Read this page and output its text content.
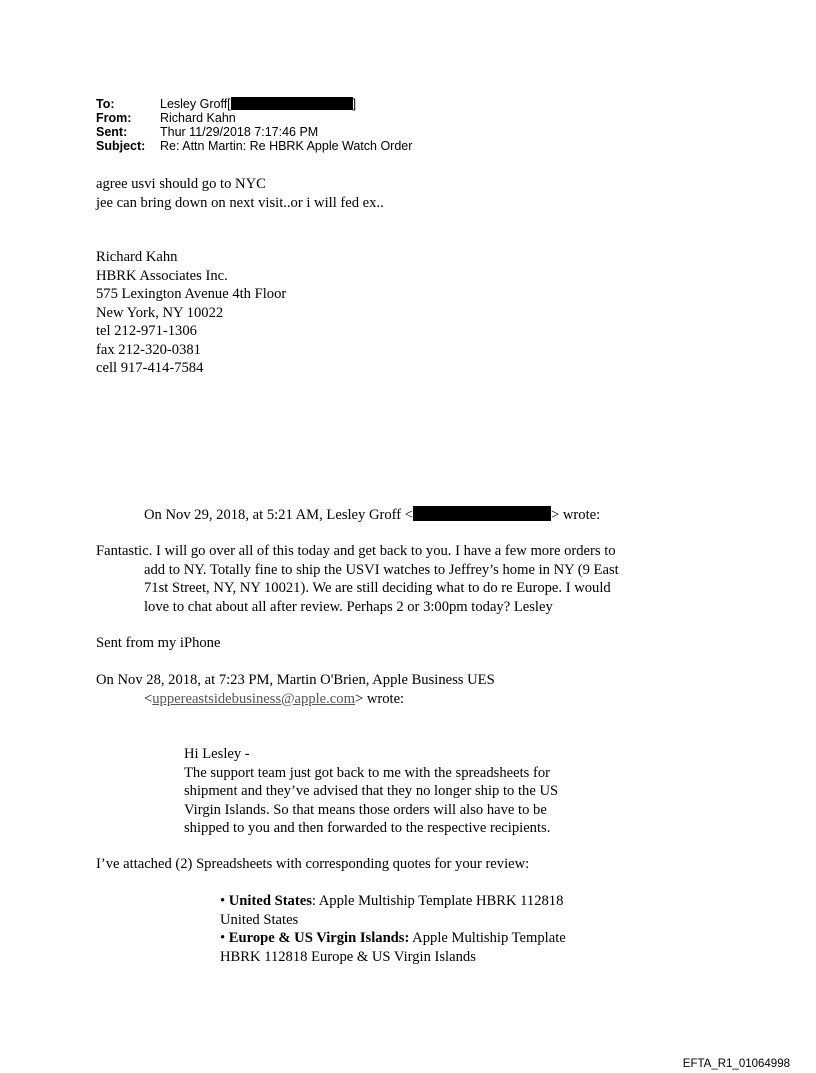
To:	Lesley Groff[	]
From:	Richard Kahn
Sent:	Thur 11/29/2018 7:17:46 PM
Subject:	Re: Attn Martin: Re HBRK Apple Watch Order
agree usvi should go to NYC
jee can bring down on next visit..or i will fed ex..
Richard Kahn
HBRK Associates Inc.
575 Lexington Avenue 4th Floor
New York, NY 10022
tel 212-971-1306
fax 212-320-0381
cell 917-414-7584
On Nov 29, 2018, at 5:21 AM, Lesley Groff <	> wrote:
Fantastic. I will go over all of this today and get back to you. I have a few more orders to
add to NY. Totally fine to ship the USVI watches to Jeffrey’s home in NY (9 East
71st Street, NY, NY 10021). We are still deciding what to do re Europe. I would
love to chat about all after review. Perhaps 2 or 3:00pm today? Lesley
Sent from my iPhone
On Nov 28, 2018, at 7:23 PM, Martin O'Brien, Apple Business UES
<uppereastsidebusiness@apple.com> wrote:
Hi Lesley -
The support team just got back to me with the spreadsheets for
shipment and they’ve advised that they no longer ship to the US
Virgin Islands. So that means those orders will also have to be
shipped to you and then forwarded to the respective recipients.
I’ve attached (2) Spreadsheets with corresponding quotes for your review:
• United States: Apple Multiship Template HBRK 112818
United States
• Europe & US Virgin Islands: Apple Multiship Template
HBRK 112818 Europe & US Virgin Islands
EFTA_R1_01064998
